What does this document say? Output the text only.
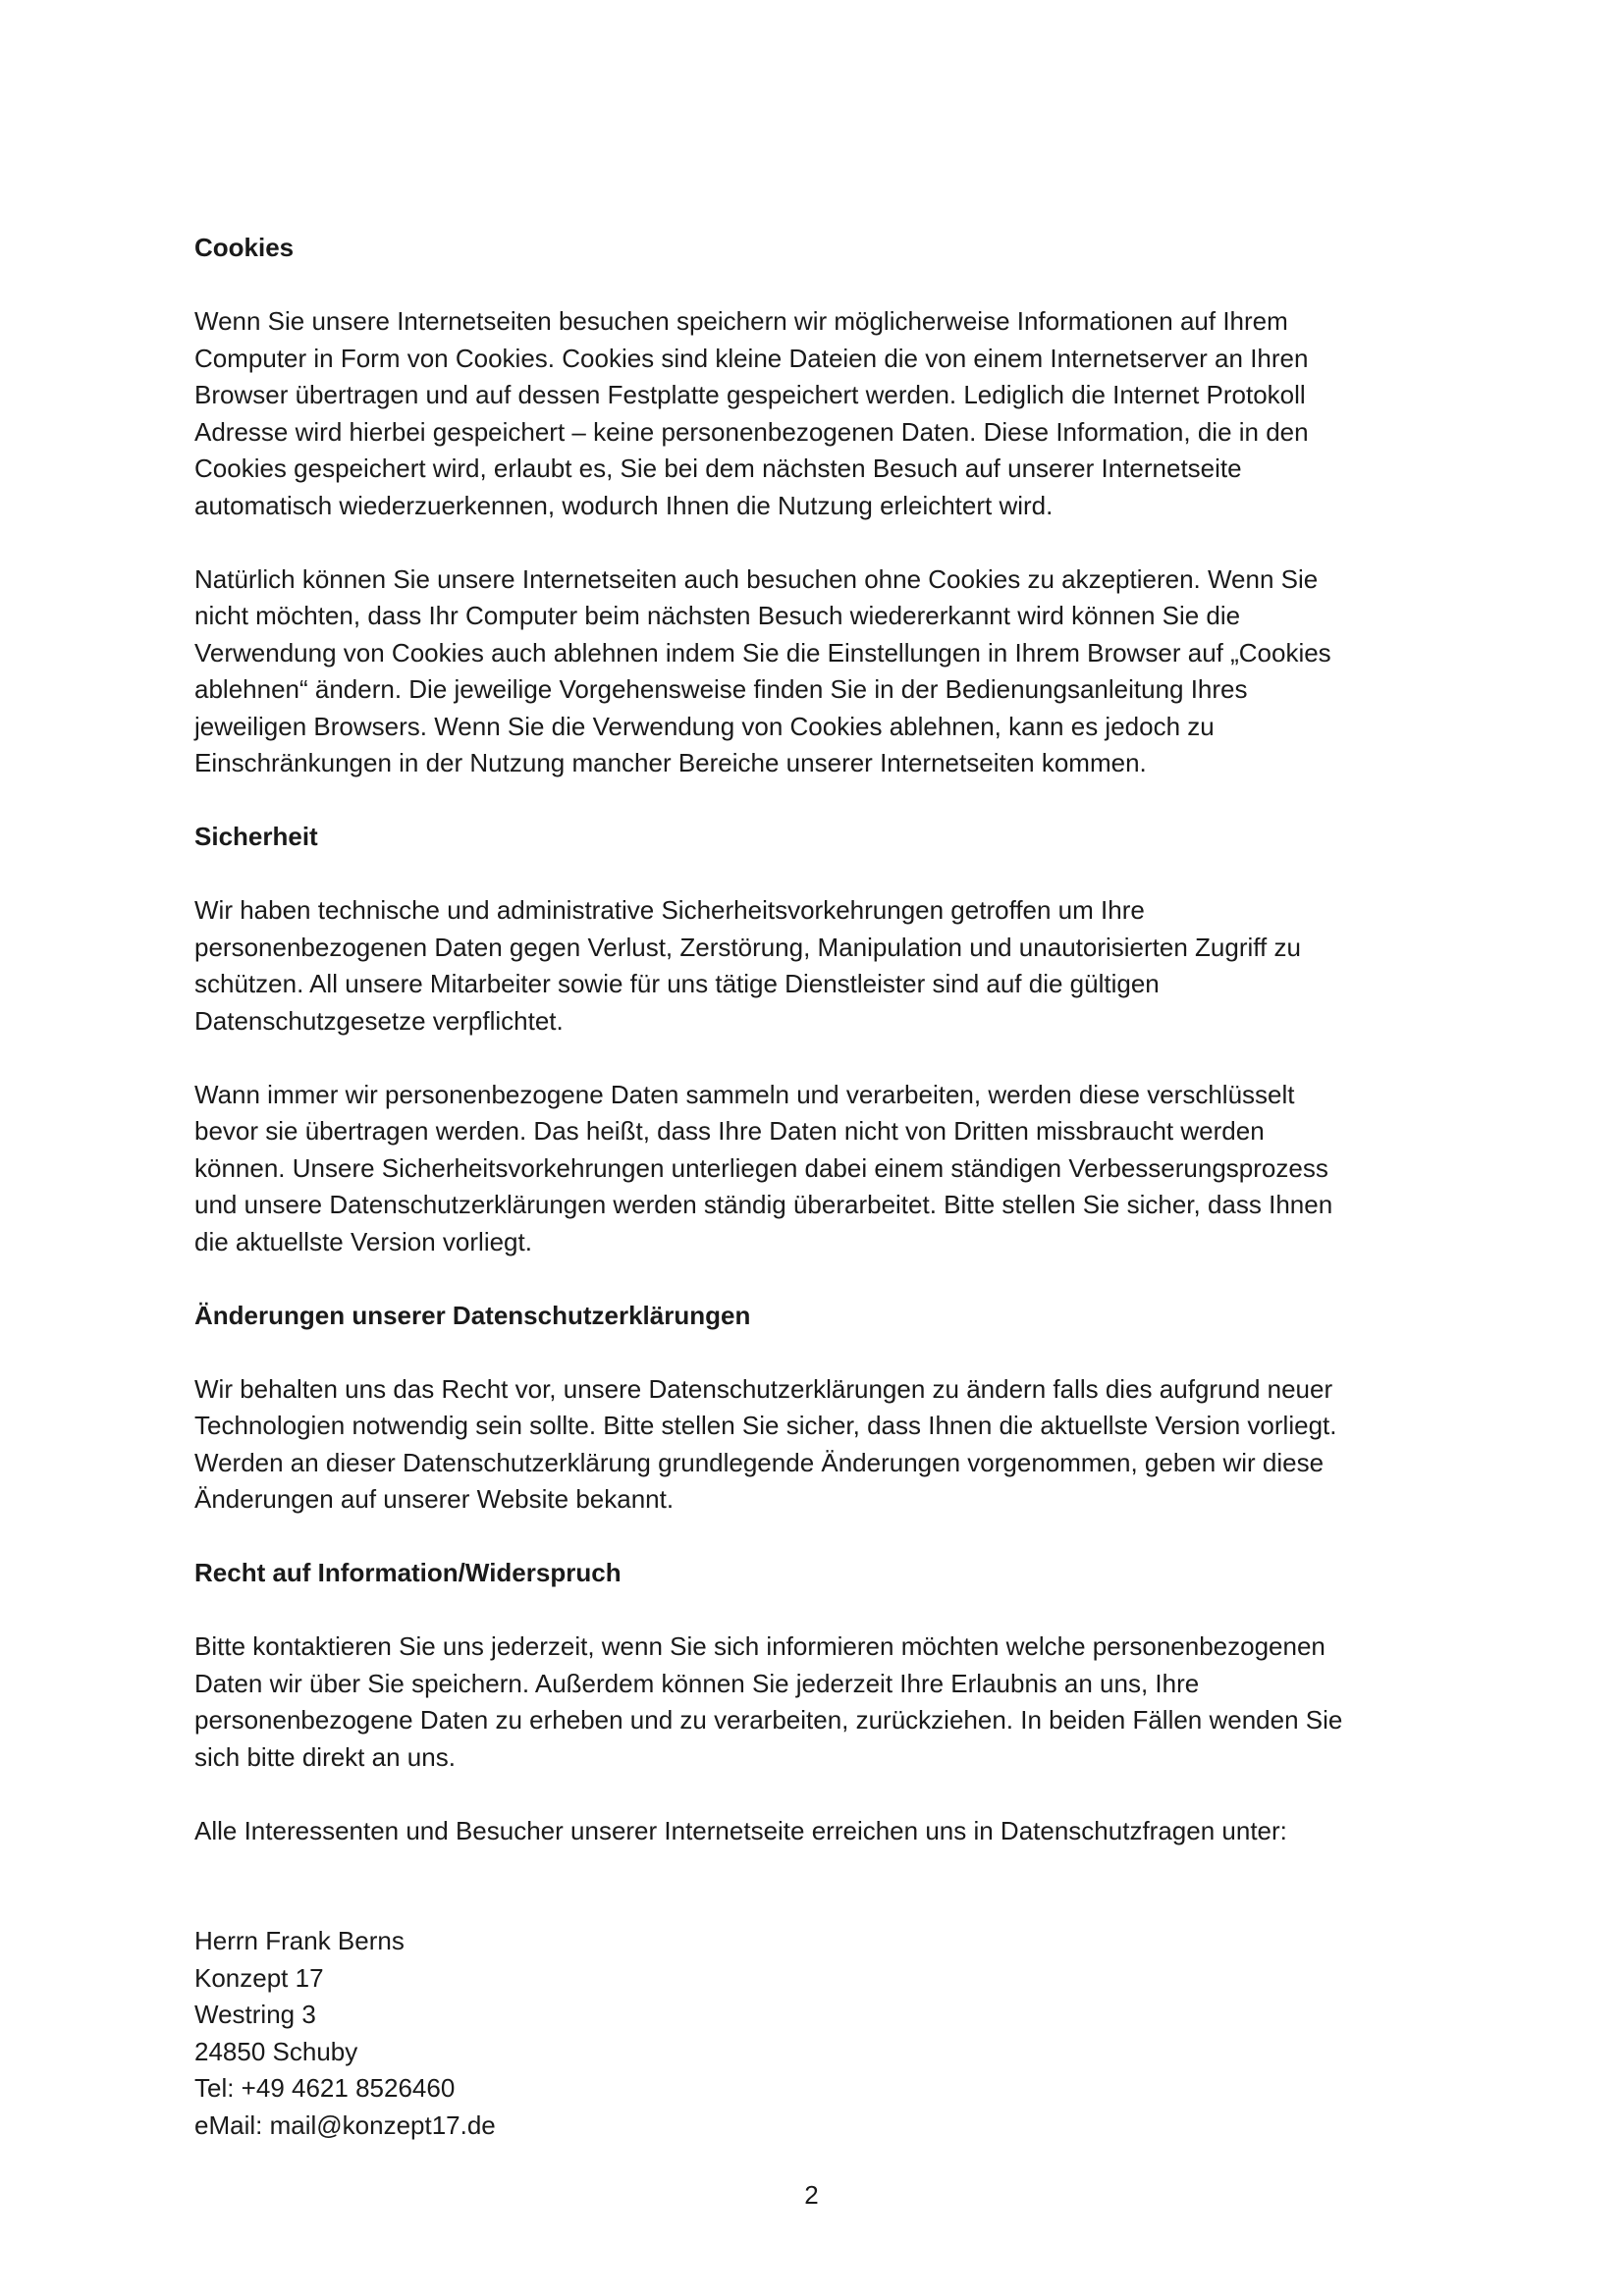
Cookies
Wenn Sie unsere Internetseiten besuchen speichern wir möglicherweise Informationen auf Ihrem
Computer in Form von Cookies. Cookies sind kleine Dateien die von einem Internetserver an Ihren
Browser übertragen und auf dessen Festplatte gespeichert werden. Lediglich die Internet Protokoll
Adresse wird hierbei gespeichert – keine personenbezogenen Daten. Diese Information, die in den
Cookies gespeichert wird, erlaubt es, Sie bei dem nächsten Besuch auf unserer Internetseite
automatisch wiederzuerkennen, wodurch Ihnen die Nutzung erleichtert wird.
Natürlich können Sie unsere Internetseiten auch besuchen ohne Cookies zu akzeptieren. Wenn Sie
nicht möchten, dass Ihr Computer beim nächsten Besuch wiedererkannt wird können Sie die
Verwendung von Cookies auch ablehnen indem Sie die Einstellungen in Ihrem Browser auf „Cookies
ablehnen“ ändern. Die jeweilige Vorgehensweise finden Sie in der Bedienungsanleitung Ihres
jeweiligen Browsers. Wenn Sie die Verwendung von Cookies ablehnen, kann es jedoch zu
Einschränkungen in der Nutzung mancher Bereiche unserer Internetseiten kommen.
Sicherheit
Wir haben technische und administrative Sicherheitsvorkehrungen getroffen um Ihre
personenbezogenen Daten gegen Verlust, Zerstörung, Manipulation und unautorisierten Zugriff zu
schützen. All unsere Mitarbeiter sowie für uns tätige Dienstleister sind auf die gültigen
Datenschutzgesetze verpflichtet.
Wann immer wir personenbezogene Daten sammeln und verarbeiten, werden diese verschlüsselt
bevor sie übertragen werden. Das heißt, dass Ihre Daten nicht von Dritten missbraucht werden
können. Unsere Sicherheitsvorkehrungen unterliegen dabei einem ständigen Verbesserungsprozess
und unsere Datenschutzerklärungen werden ständig überarbeitet. Bitte stellen Sie sicher, dass Ihnen
die aktuellste Version vorliegt.
Änderungen unserer Datenschutzerklärungen
Wir behalten uns das Recht vor, unsere Datenschutzerklärungen zu ändern falls dies aufgrund neuer
Technologien notwendig sein sollte. Bitte stellen Sie sicher, dass Ihnen die aktuellste Version vorliegt.
Werden an dieser Datenschutzerklärung grundlegende Änderungen vorgenommen, geben wir diese
Änderungen auf unserer Website bekannt.
Recht auf Information/Widerspruch
Bitte kontaktieren Sie uns jederzeit, wenn Sie sich informieren möchten welche personenbezogenen
Daten wir über Sie speichern. Außerdem können Sie jederzeit Ihre Erlaubnis an uns, Ihre
personenbezogene Daten zu erheben und zu verarbeiten, zurückziehen. In beiden Fällen wenden Sie
sich bitte direkt an uns.
Alle Interessenten und Besucher unserer Internetseite erreichen uns in Datenschutzfragen unter:
Herrn Frank Berns
Konzept 17
Westring 3
24850 Schuby
Tel: +49 4621 8526460
eMail: mail@konzept17.de
2
